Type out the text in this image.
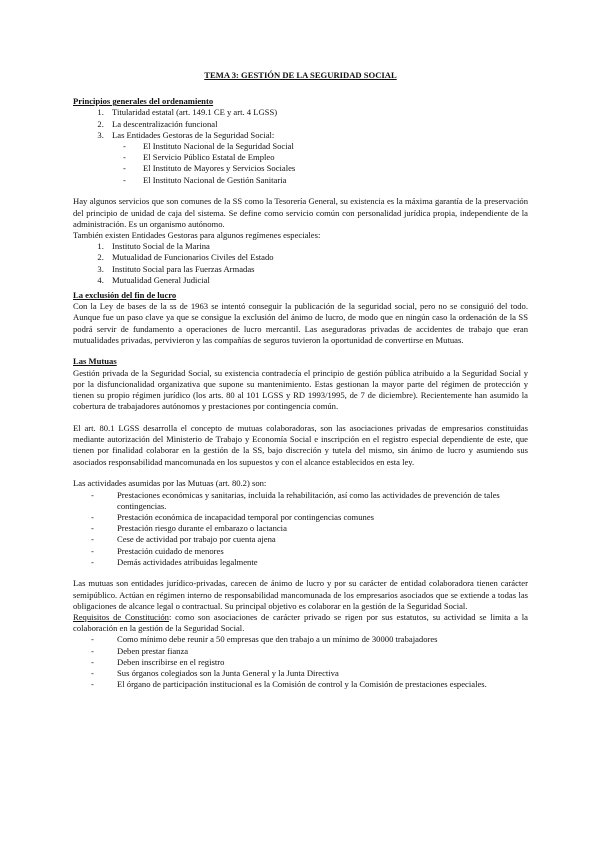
TEMA 3: GESTIÓN DE LA SEGURIDAD SOCIAL
Principios generales del ordenamiento
1. Titularidad estatal (art. 149.1 CE y art. 4 LGSS)
2. La descentralización funcional
3. Las Entidades Gestoras de la Seguridad Social:
- El Instituto Nacional de la Seguridad Social
- El Servicio Público Estatal de Empleo
- El Instituto de Mayores y Servicios Sociales
- El Instituto Nacional de Gestión Sanitaria

Hay algunos servicios que son comunes de la SS como la Tesorería General, su existencia es la máxima garantía de la preservación del principio de unidad de caja del sistema. Se define como servicio común con personalidad jurídica propia, independiente de la administración. Es un organismo autónomo.

También existen Entidades Gestoras para algunos regímenes especiales:

1. Instituto Social de la Marina
2. Mutualidad de Funcionarios Civiles del Estado
3. Instituto Social para las Fuerzas Armadas
4. Mutualidad General Judicial
La exclusión del fin de lucro

Con la Ley de bases de la ss de 1963 se intentó conseguir la publicación de la seguridad social, pero no se consiguió del todo. Aunque fue un paso clave ya que se consigue la exclusión del ánimo de lucro, de modo que en ningún caso la ordenación de la SS podrá servir de fundamento a operaciones de lucro mercantil. Las aseguradoras privadas de accidentes de trabajo que eran mutualidades privadas, pervivieron y las compañías de seguros tuvieron la oportunidad de convertirse en Mutuas.

Las Mutuas

Gestión privada de la Seguridad Social, su existencia contradecía el principio de gestión pública atribuido a la Seguridad Social y por la disfuncionalidad organizativa que supone su mantenimiento. Estas gestionan la mayor parte del régimen de protección y tienen su propio régimen jurídico (los arts. 80 al 101 LGSS y RD 1993/1995, de 7 de diciembre). Recientemente han asumido la cobertura de trabajadores autónomos y prestaciones por contingencia común.

El art. 80.1 LGSS desarrolla el concepto de mutuas colaboradoras, son las asociaciones privadas de empresarios constituidas mediante autorización del Ministerio de Trabajo y Economía Social e inscripción en el registro especial dependiente de este, que tienen por finalidad colaborar en la gestión de la SS, bajo discreción y tutela del mismo, sin ánimo de lucro y asumiendo sus asociados responsabilidad mancomunada en los supuestos y con el alcance establecidos en esta ley.

Las actividades asumidas por las Mutuas (art. 80.2) son:

- Prestaciones económicas y sanitarias, incluida la rehabilitación, así como las actividades de prevención de tales contingencias.
- Prestación económica de incapacidad temporal por contingencias comunes
- Prestación riesgo durante el embarazo o lactancia
- Cese de actividad por trabajo por cuenta ajena
- Prestación cuidado de menores
- Demás actividades atribuidas legalmente

Las mutuas son entidades jurídico-privadas, carecen de ánimo de lucro y por su carácter de entidad colaboradora tienen carácter semipúblico. Actúan en régimen interno de responsabilidad mancomunada de los empresarios asociados que se extiende a todas las obligaciones de alcance legal o contractual. Su principal objetivo es colaborar en la gestión de la Seguridad Social.

Requisitos de Constitución: como son asociaciones de carácter privado se rigen por sus estatutos, su actividad se limita a la colaboración en la gestión de la Seguridad Social.

- Como mínimo debe reunir a 50 empresas que den trabajo a un mínimo de 30000 trabajadores
- Deben prestar fianza
- Deben inscribirse en el registro
- Sus órganos colegiados son la Junta General y la Junta Directiva
- El órgano de participación institucional es la Comisión de control y la Comisión de prestaciones especiales.
